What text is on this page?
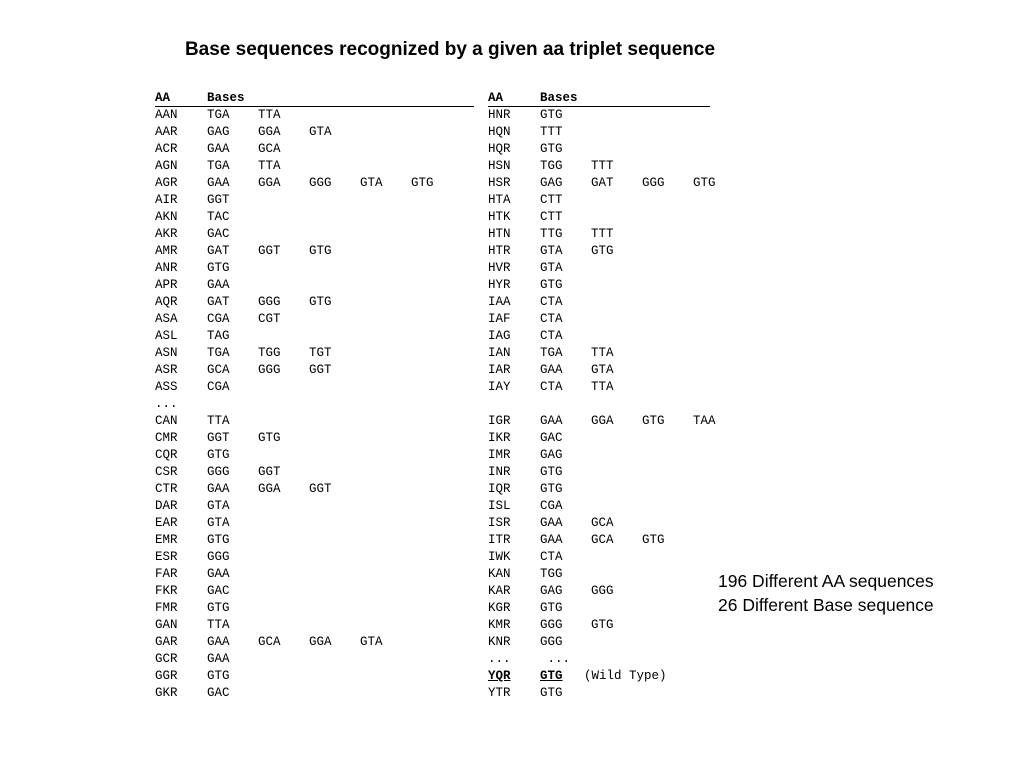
Base sequences recognized by a given aa triplet sequence
AA	Bases
AAN TGA TTA
AAR GAG GGA GTA
ACR GAA GCA
AGN TGA TTA
AGR GAA GGA GGG GTA GTG
AIR GGT
AKN TAC
AKR GAC
AMR GAT GGT GTG
ANR GTG
APR GAA
AQR GAT GGG GTG
ASA CGA CGT
ASL TAG
ASN TGA TGG TGT
ASR GCA GGG GGT
ASS CGA
...
CAN TTA
CMR GGT GTG
CQR GTG
CSR GGG GGT
CTR GAA GGA GGT
DAR GTA
EAR GTA
EMR GTG
ESR GGG
FAR GAA
FKR GAC
FMR GTG
GAN TTA
GAR GAA GCA GGA GTA
GCR GAA
GGR GTG
GKR GAC
AA	Bases
HNR GTG
HQN TTT
HQR GTG
HSN TGG TTT
HSR GAG GAT GGG GTG
HTA CTT
HTK CTT
HTN TTG TTT
HTR GTA GTG
HVR GTA
HYR GTG
IAA CTA
IAF CTA
IAG CTA
IAN TGA TTA
IAR GAA GTA
IAY CTA TTA
IGR GAA GGA GTG TAA
IKR GAC
IMR GAG
INR GTG
IQR GTG
ISL CGA
ISR GAA GCA
ITR GAA GCA GTG
IWK CTA
KAN TGG
KAR GAG GGG
KGR GTG
KMR GGG GTG
KNR GGG
... ...
YQR GTG (Wild Type)
YTR GTG
196 Different AA sequences
26 Different Base sequence
